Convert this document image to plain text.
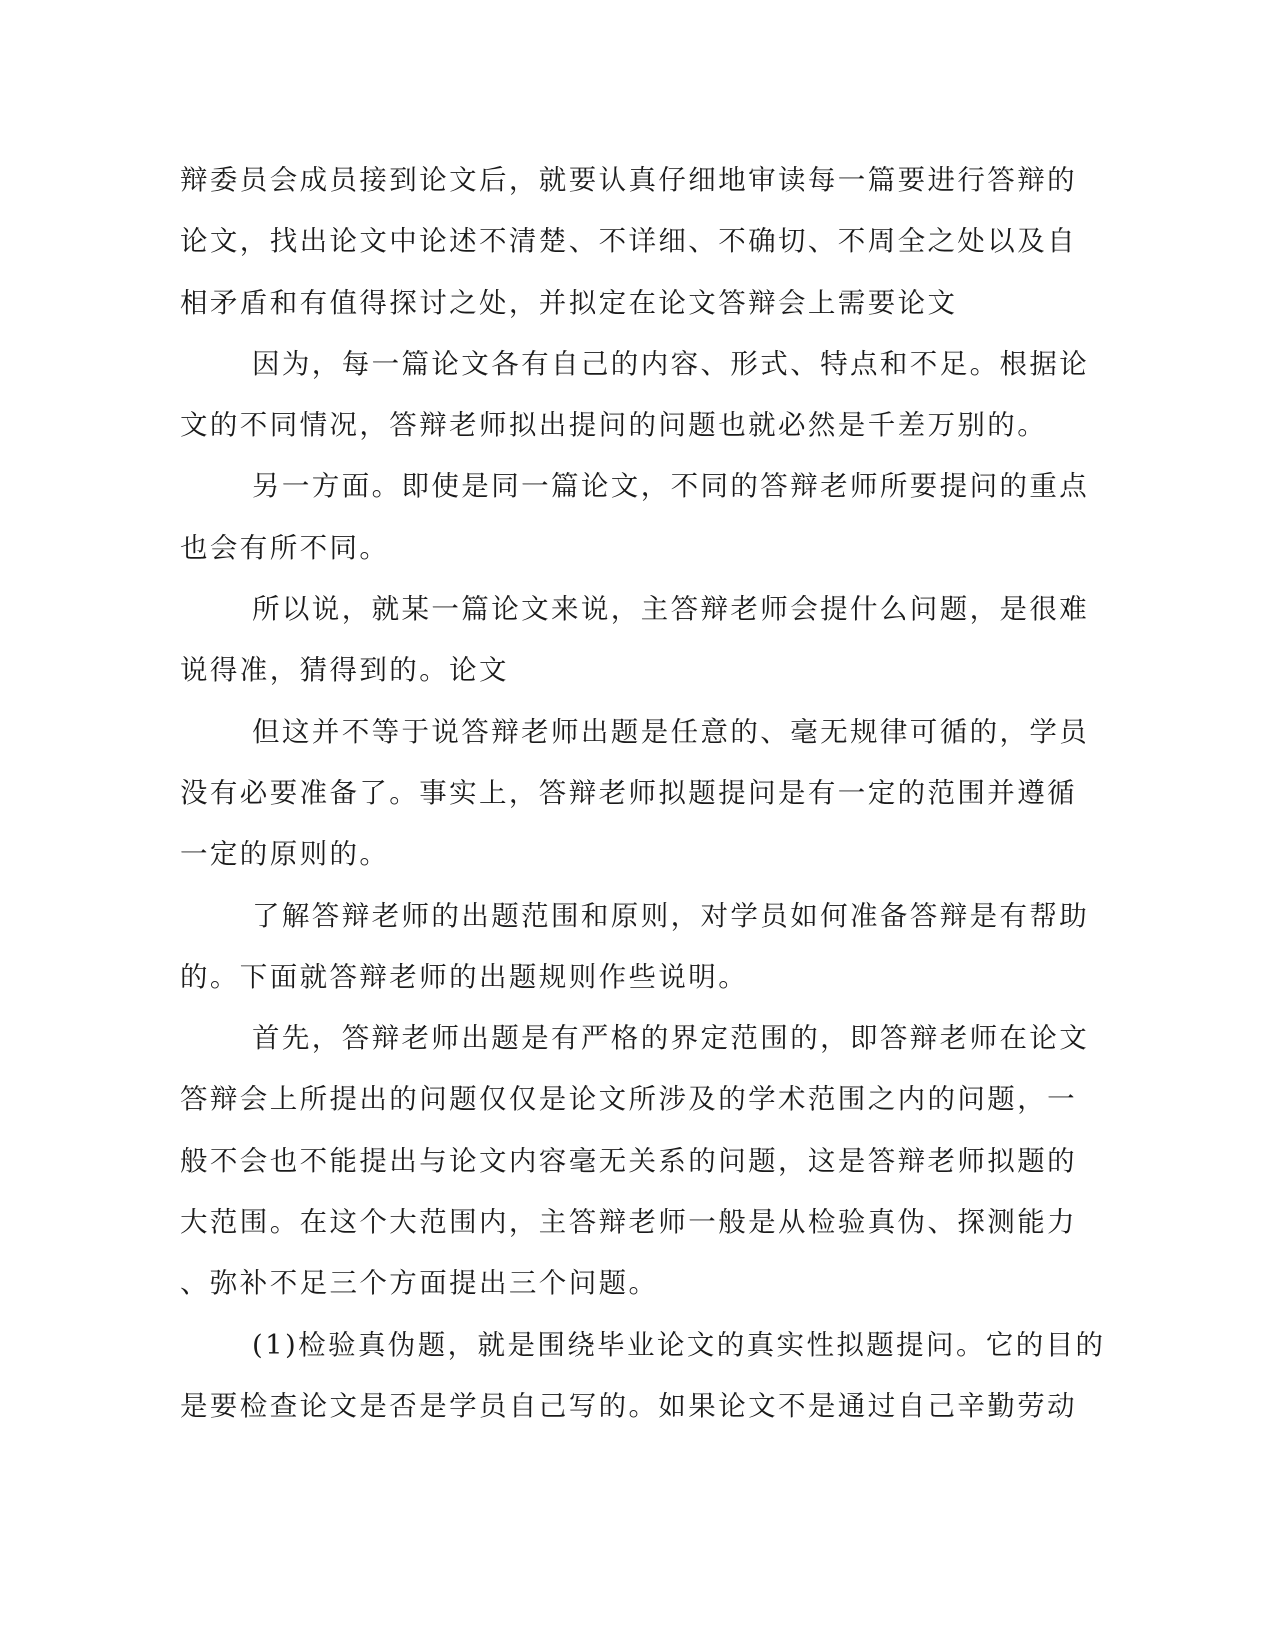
辩委员会成员接到论文后，就要认真仔细地审读每一篇要进行答辩的
论文，找出论文中论述不清楚、不详细、不确切、不周全之处以及自
相矛盾和有值得探讨之处，并拟定在论文答辩会上需要论文
因为，每一篇论文各有自己的内容、形式、特点和不足。根据论
文的不同情况，答辩老师拟出提问的问题也就必然是千差万别的。
另一方面。即使是同一篇论文，不同的答辩老师所要提问的重点
也会有所不同。
所以说，就某一篇论文来说，主答辩老师会提什么问题，是很难
说得准，猜得到的。论文
但这并不等于说答辩老师出题是任意的、毫无规律可循的，学员
没有必要准备了。事实上，答辩老师拟题提问是有一定的范围并遵循
一定的原则的。
了解答辩老师的出题范围和原则，对学员如何准备答辩是有帮助
的。下面就答辩老师的出题规则作些说明。
首先，答辩老师出题是有严格的界定范围的，即答辩老师在论文
答辩会上所提出的问题仅仅是论文所涉及的学术范围之内的问题，一
般不会也不能提出与论文内容毫无关系的问题，这是答辩老师拟题的
大范围。在这个大范围内，主答辩老师一般是从检验真伪、探测能力
、弥补不足三个方面提出三个问题。
(1)检验真伪题，就是围绕毕业论文的真实性拟题提问。它的目的
是要检查论文是否是学员自己写的。如果论文不是通过自己辛勤劳动
